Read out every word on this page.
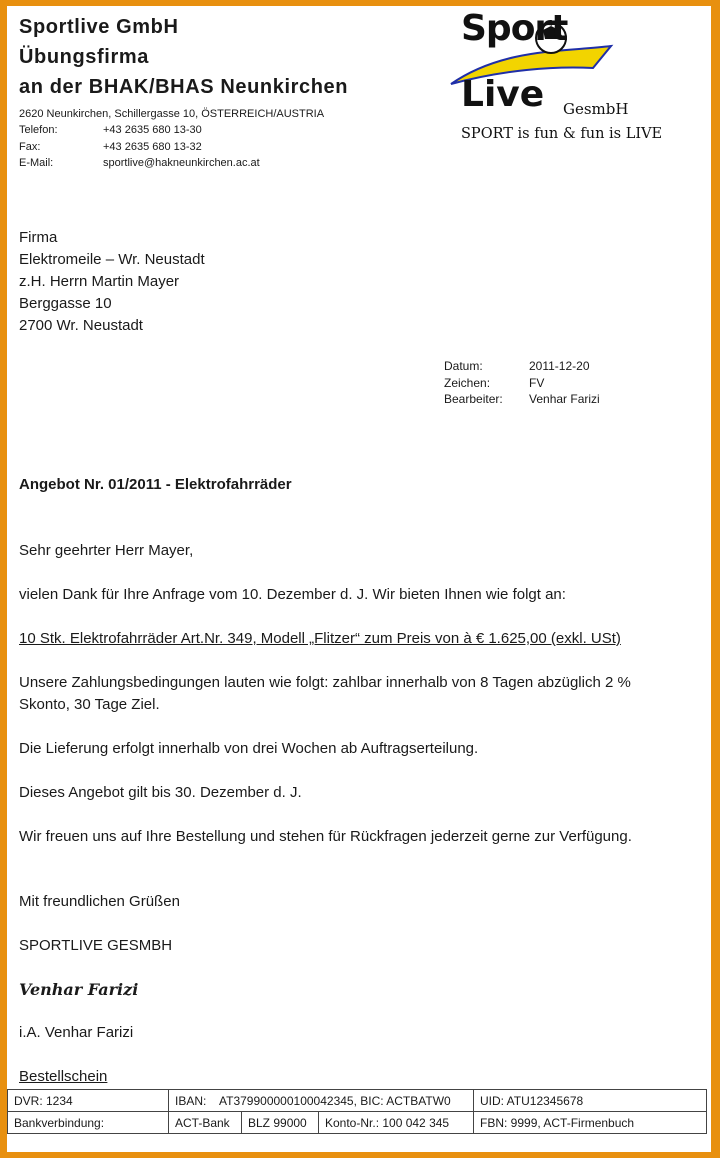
Sportlive GmbH
Übungsfirma
an der BHAK/BHAS Neunkirchen
2620 Neunkirchen, Schillergasse 10, ÖSTERREICH/AUSTRIA
Telefon:	+43 2635 680 13-30
Fax:	+43 2635 680 13-32
E-Mail:	sportlive@hakneunkirchen.ac.at
Sport
Live GesmbH
SPORT is fun & fun is LIVE
Firma
Elektromeile – Wr. Neustadt
z.H. Herrn Martin Mayer
Berggasse 10
2700 Wr. Neustadt
Datum:	2011-12-20
Zeichen:	FV
Bearbeiter:	Venhar Farizi
Angebot Nr. 01/2011 - Elektrofahrräder
Sehr geehrter Herr Mayer,
vielen Dank für Ihre Anfrage vom 10. Dezember d. J. Wir bieten Ihnen wie folgt an:
10 Stk. Elektrofahrräder Art.Nr. 349, Modell „Flitzer“ zum Preis von à € 1.625,00 (exkl. USt)
Unsere Zahlungsbedingungen lauten wie folgt: zahlbar innerhalb von 8 Tagen abzüglich 2 %
Skonto, 30 Tage Ziel.
Die Lieferung erfolgt innerhalb von drei Wochen ab Auftragserteilung.
Dieses Angebot gilt bis 30. Dezember d. J.
Wir freuen uns auf Ihre Bestellung und stehen für Rückfragen jederzeit gerne zur Verfügung.
Mit freundlichen Grüßen
SPORTLIVE GESMBH
Venhar Farizi
i.A. Venhar Farizi
Bestellschein
DVR: 1234	IBAN:    AT379900000100042345, BIC: ACTBATW0			UID: ATU12345678
Bankverbindung:	ACT-Bank	BLZ 99000	Konto-Nr.: 100 042 345	FBN: 9999, ACT-Firmenbuch
